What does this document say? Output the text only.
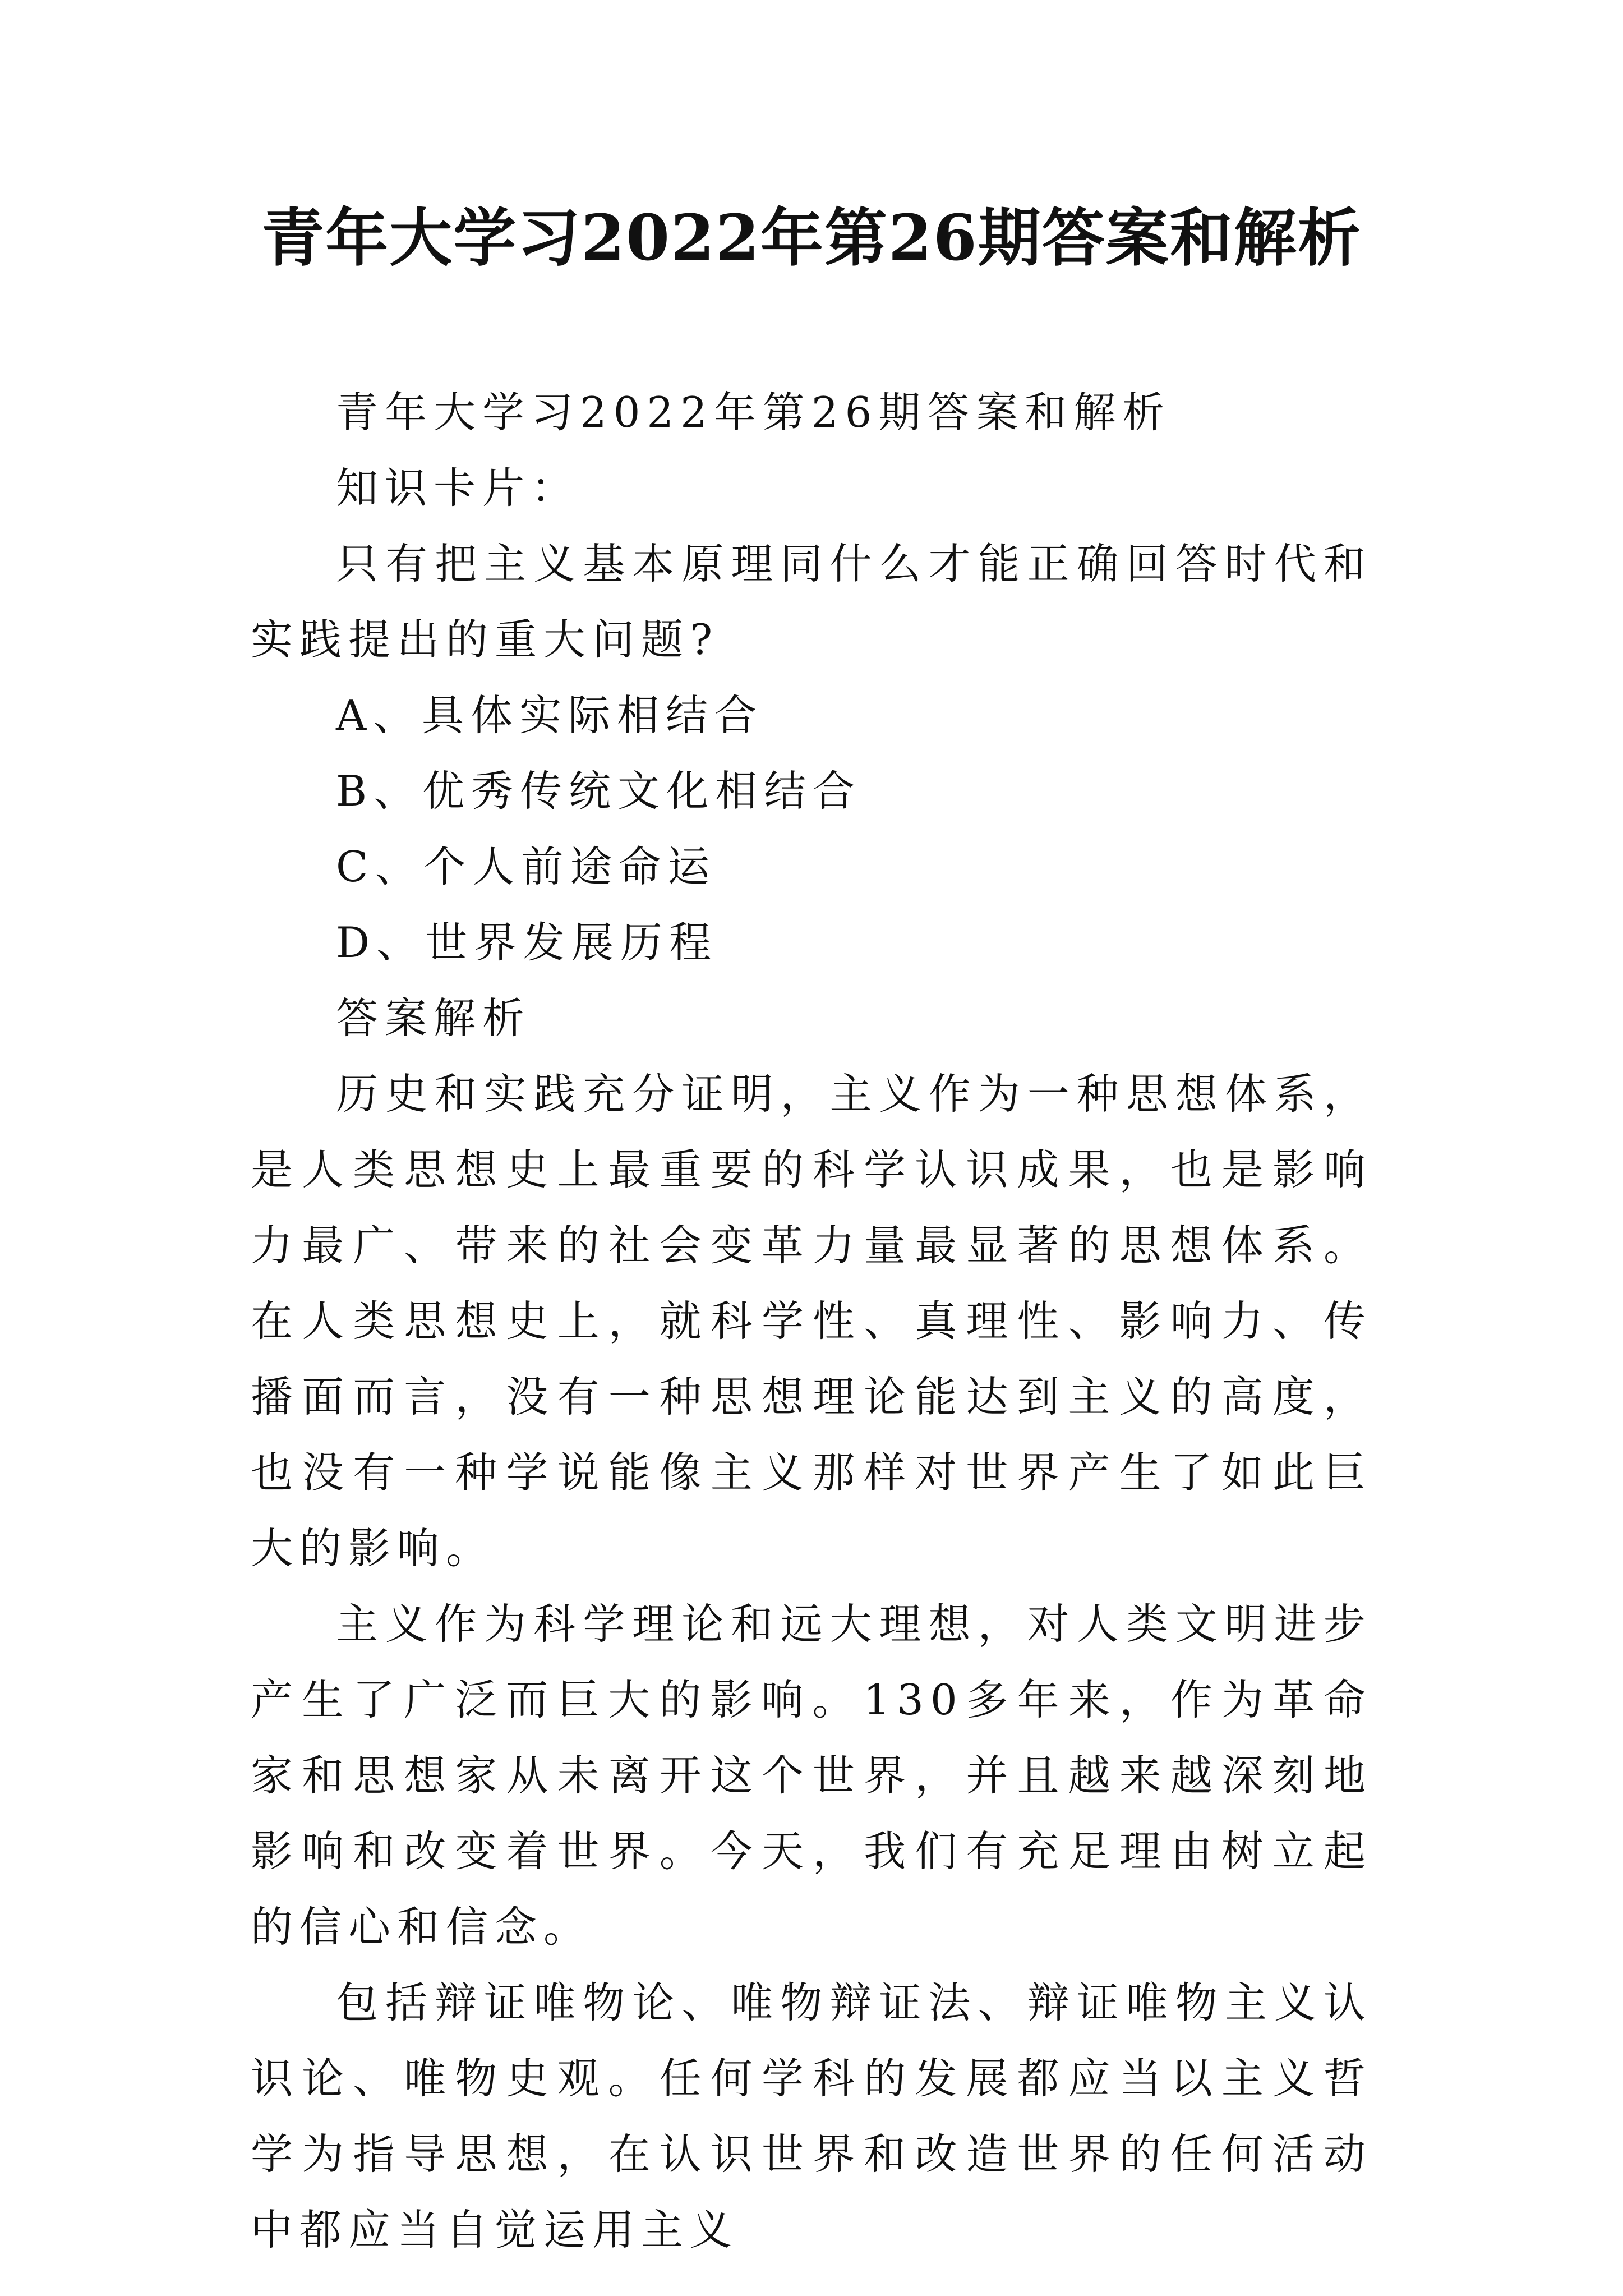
青年大学习2022年第26期答案和解析

青年大学习2022年第26期答案和解析

知识卡片：

只有把主义基本原理同什么才能正确回答时代和实践提出的重大问题?

A、具体实际相结合

B、优秀传统文化相结合

C、个人前途命运

D、世界发展历程

答案解析

历史和实践充分证明，主义作为一种思想体系，是人类思想史上最重要的科学认识成果，也是影响力最广、带来的社会变革力量最显著的思想体系。在人类思想史上，就科学性、真理性、影响力、传播面而言，没有一种思想理论能达到主义的高度，也没有一种学说能像主义那样对世界产生了如此巨大的影响。

主义作为科学理论和远大理想，对人类文明进步产生了广泛而巨大的影响。130多年来，作为革命家和思想家从未离开这个世界，并且越来越深刻地影响和改变着世界。今天，我们有充足理由树立起的信心和信念。

包括辩证唯物论、唯物辩证法、辩证唯物主义认识论、唯物史观。任何学科的发展都应当以主义哲学为指导思想，在认识世界和改造世界的任何活动中都应当自觉运用主义
